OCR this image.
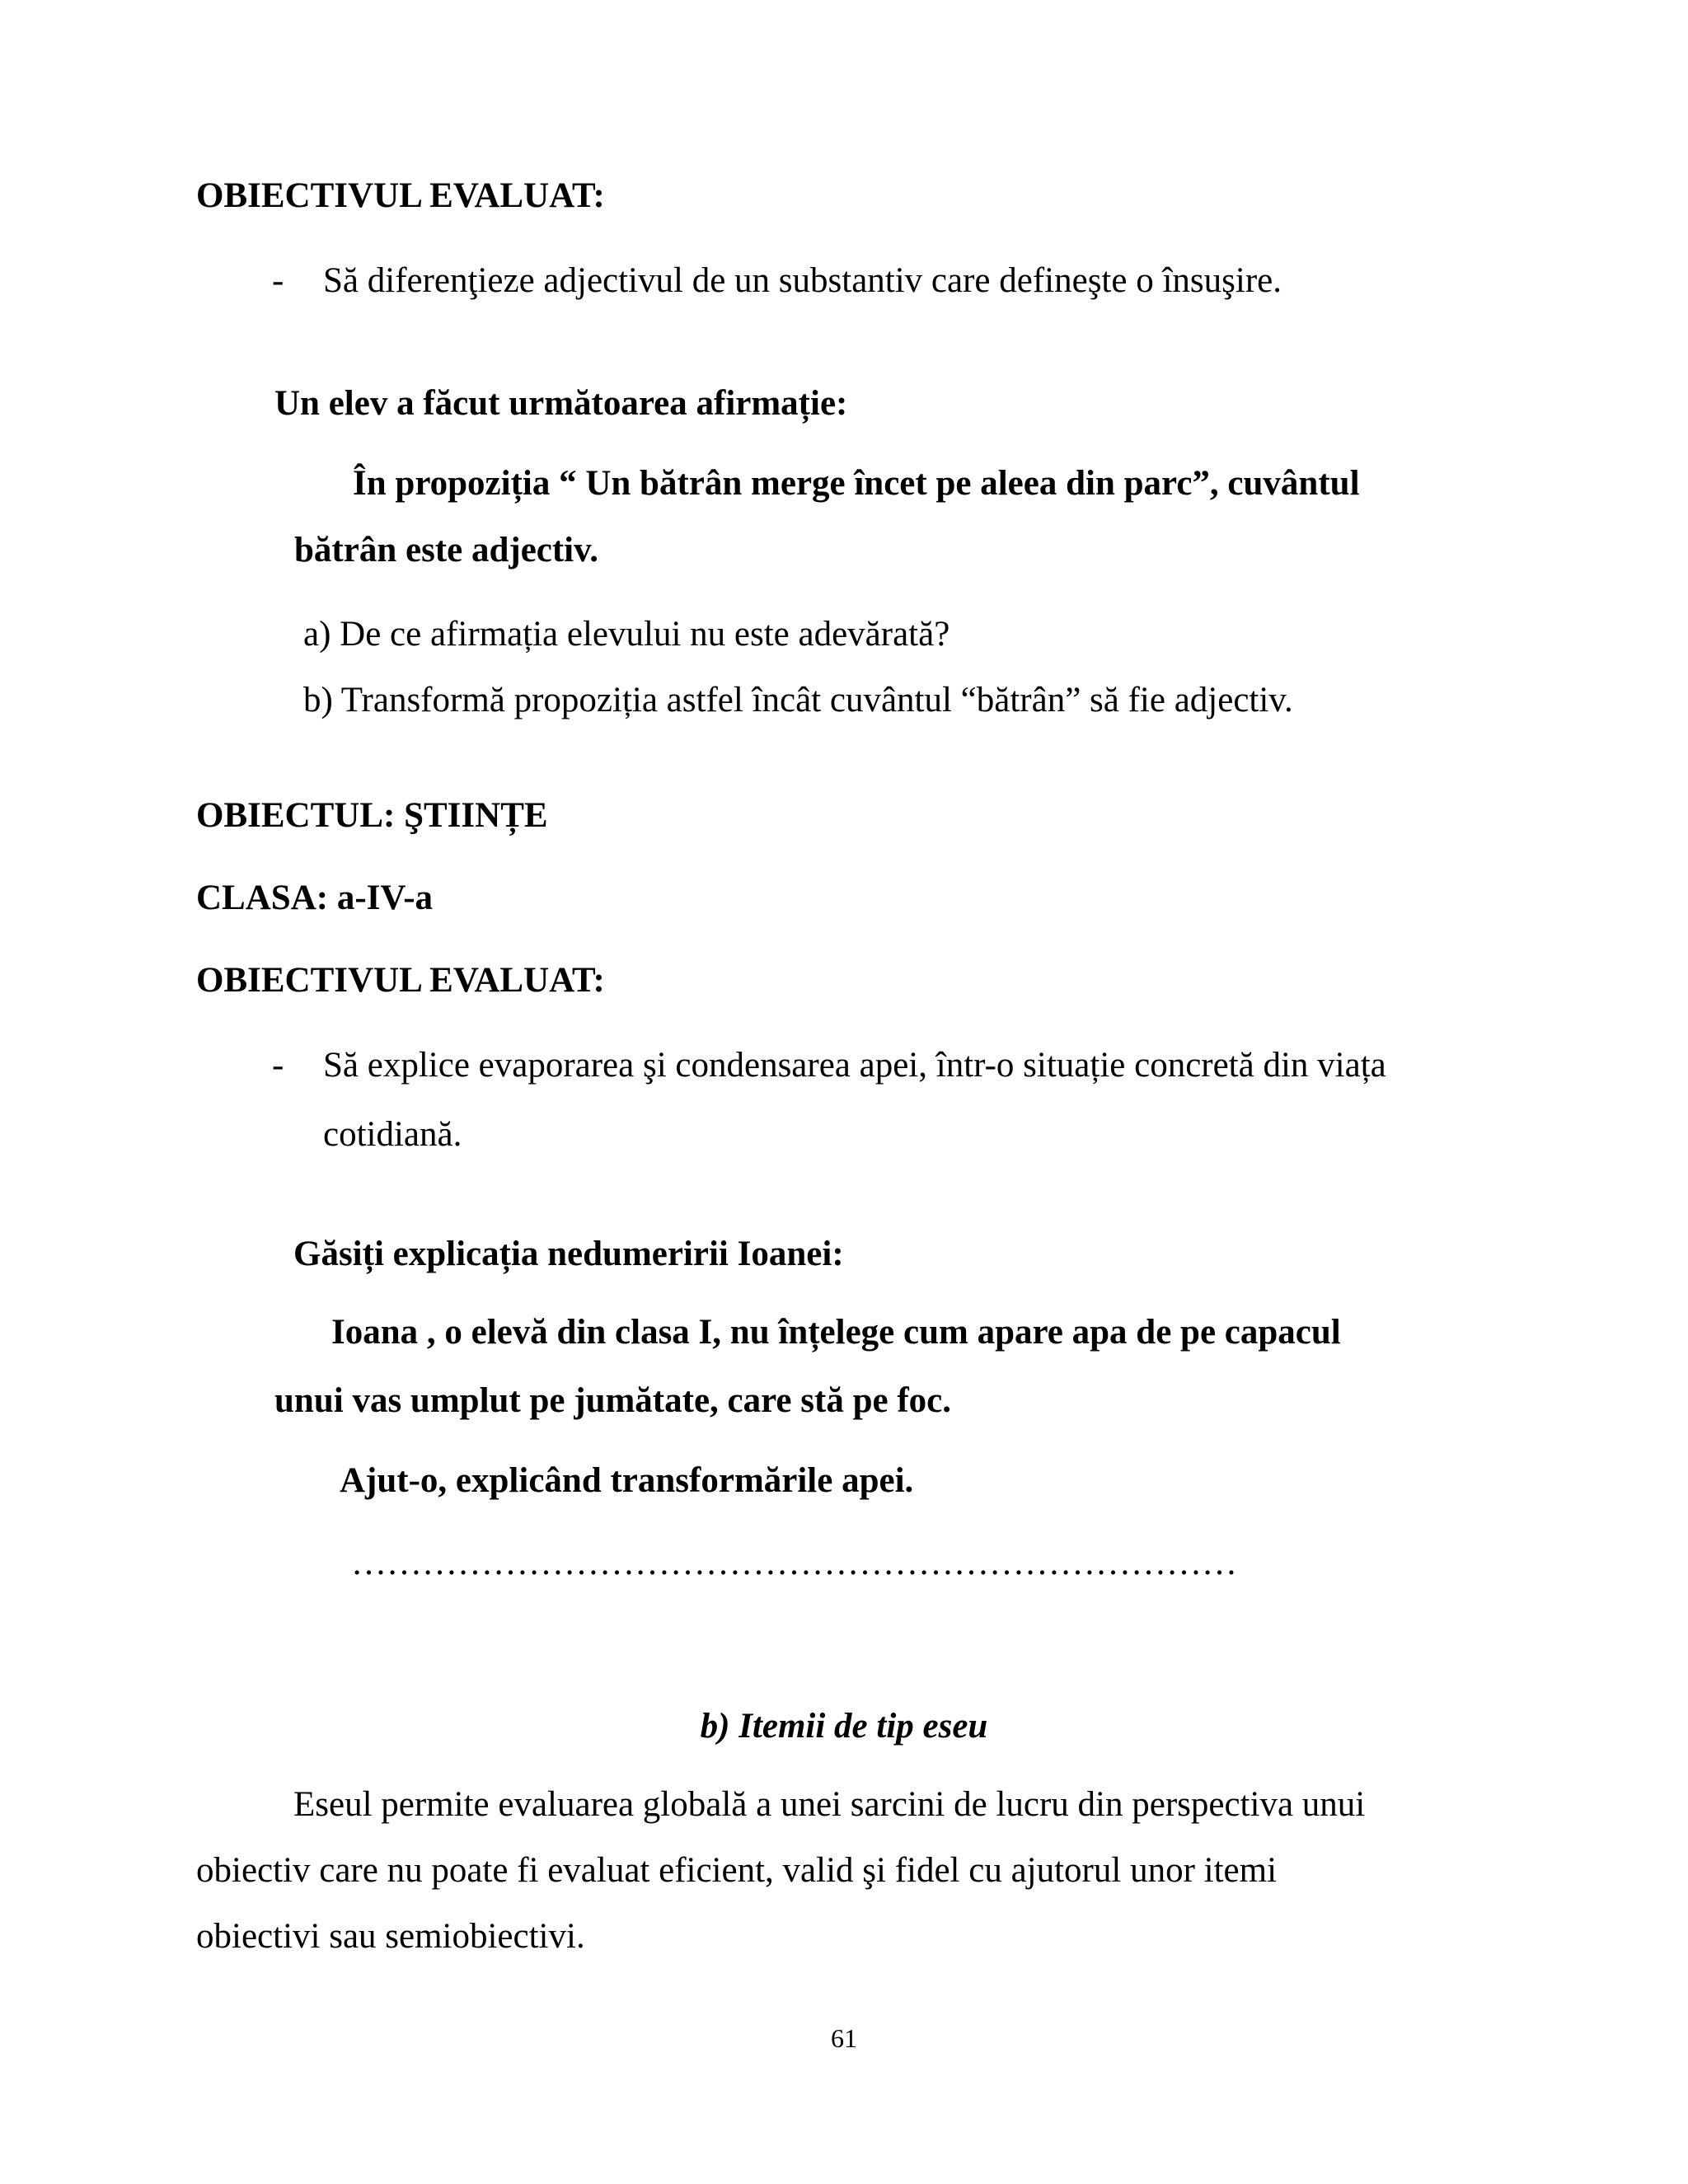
OBIECTIVUL EVALUAT:
- Să diferenţieze adjectivul de un substantiv care defineşte o însuşire.
Un elev a făcut următoarea afirmație:
În propoziția “ Un bătrân merge încet pe aleea din parc”, cuvântul
bătrân este adjectiv.
a) De ce afirmația elevului nu este adevărată?
b) Transformă propoziția astfel încât cuvântul “bătrân” să fie adjectiv.
OBIECTUL: ŞTIINȚE
CLASA: a-IV-a
OBIECTIVUL EVALUAT:
- Să explice evaporarea şi condensarea apei, într-o situație concretă din viața
cotidiană.
Găsiți explicația nedumeririi Ioanei:
Ioana , o elevă din clasa I, nu înțelege cum apare apa de pe capacul
unui vas umplut pe jumătate, care stă pe foc.
Ajut-o, explicând transformările apei.
…………………………………………………………………
b) Itemii de tip eseu
Eseul permite evaluarea globală a unei sarcini de lucru din perspectiva unui
obiectiv care nu poate fi evaluat eficient, valid şi fidel cu ajutorul unor itemi
obiectivi sau semiobiectivi.
61
